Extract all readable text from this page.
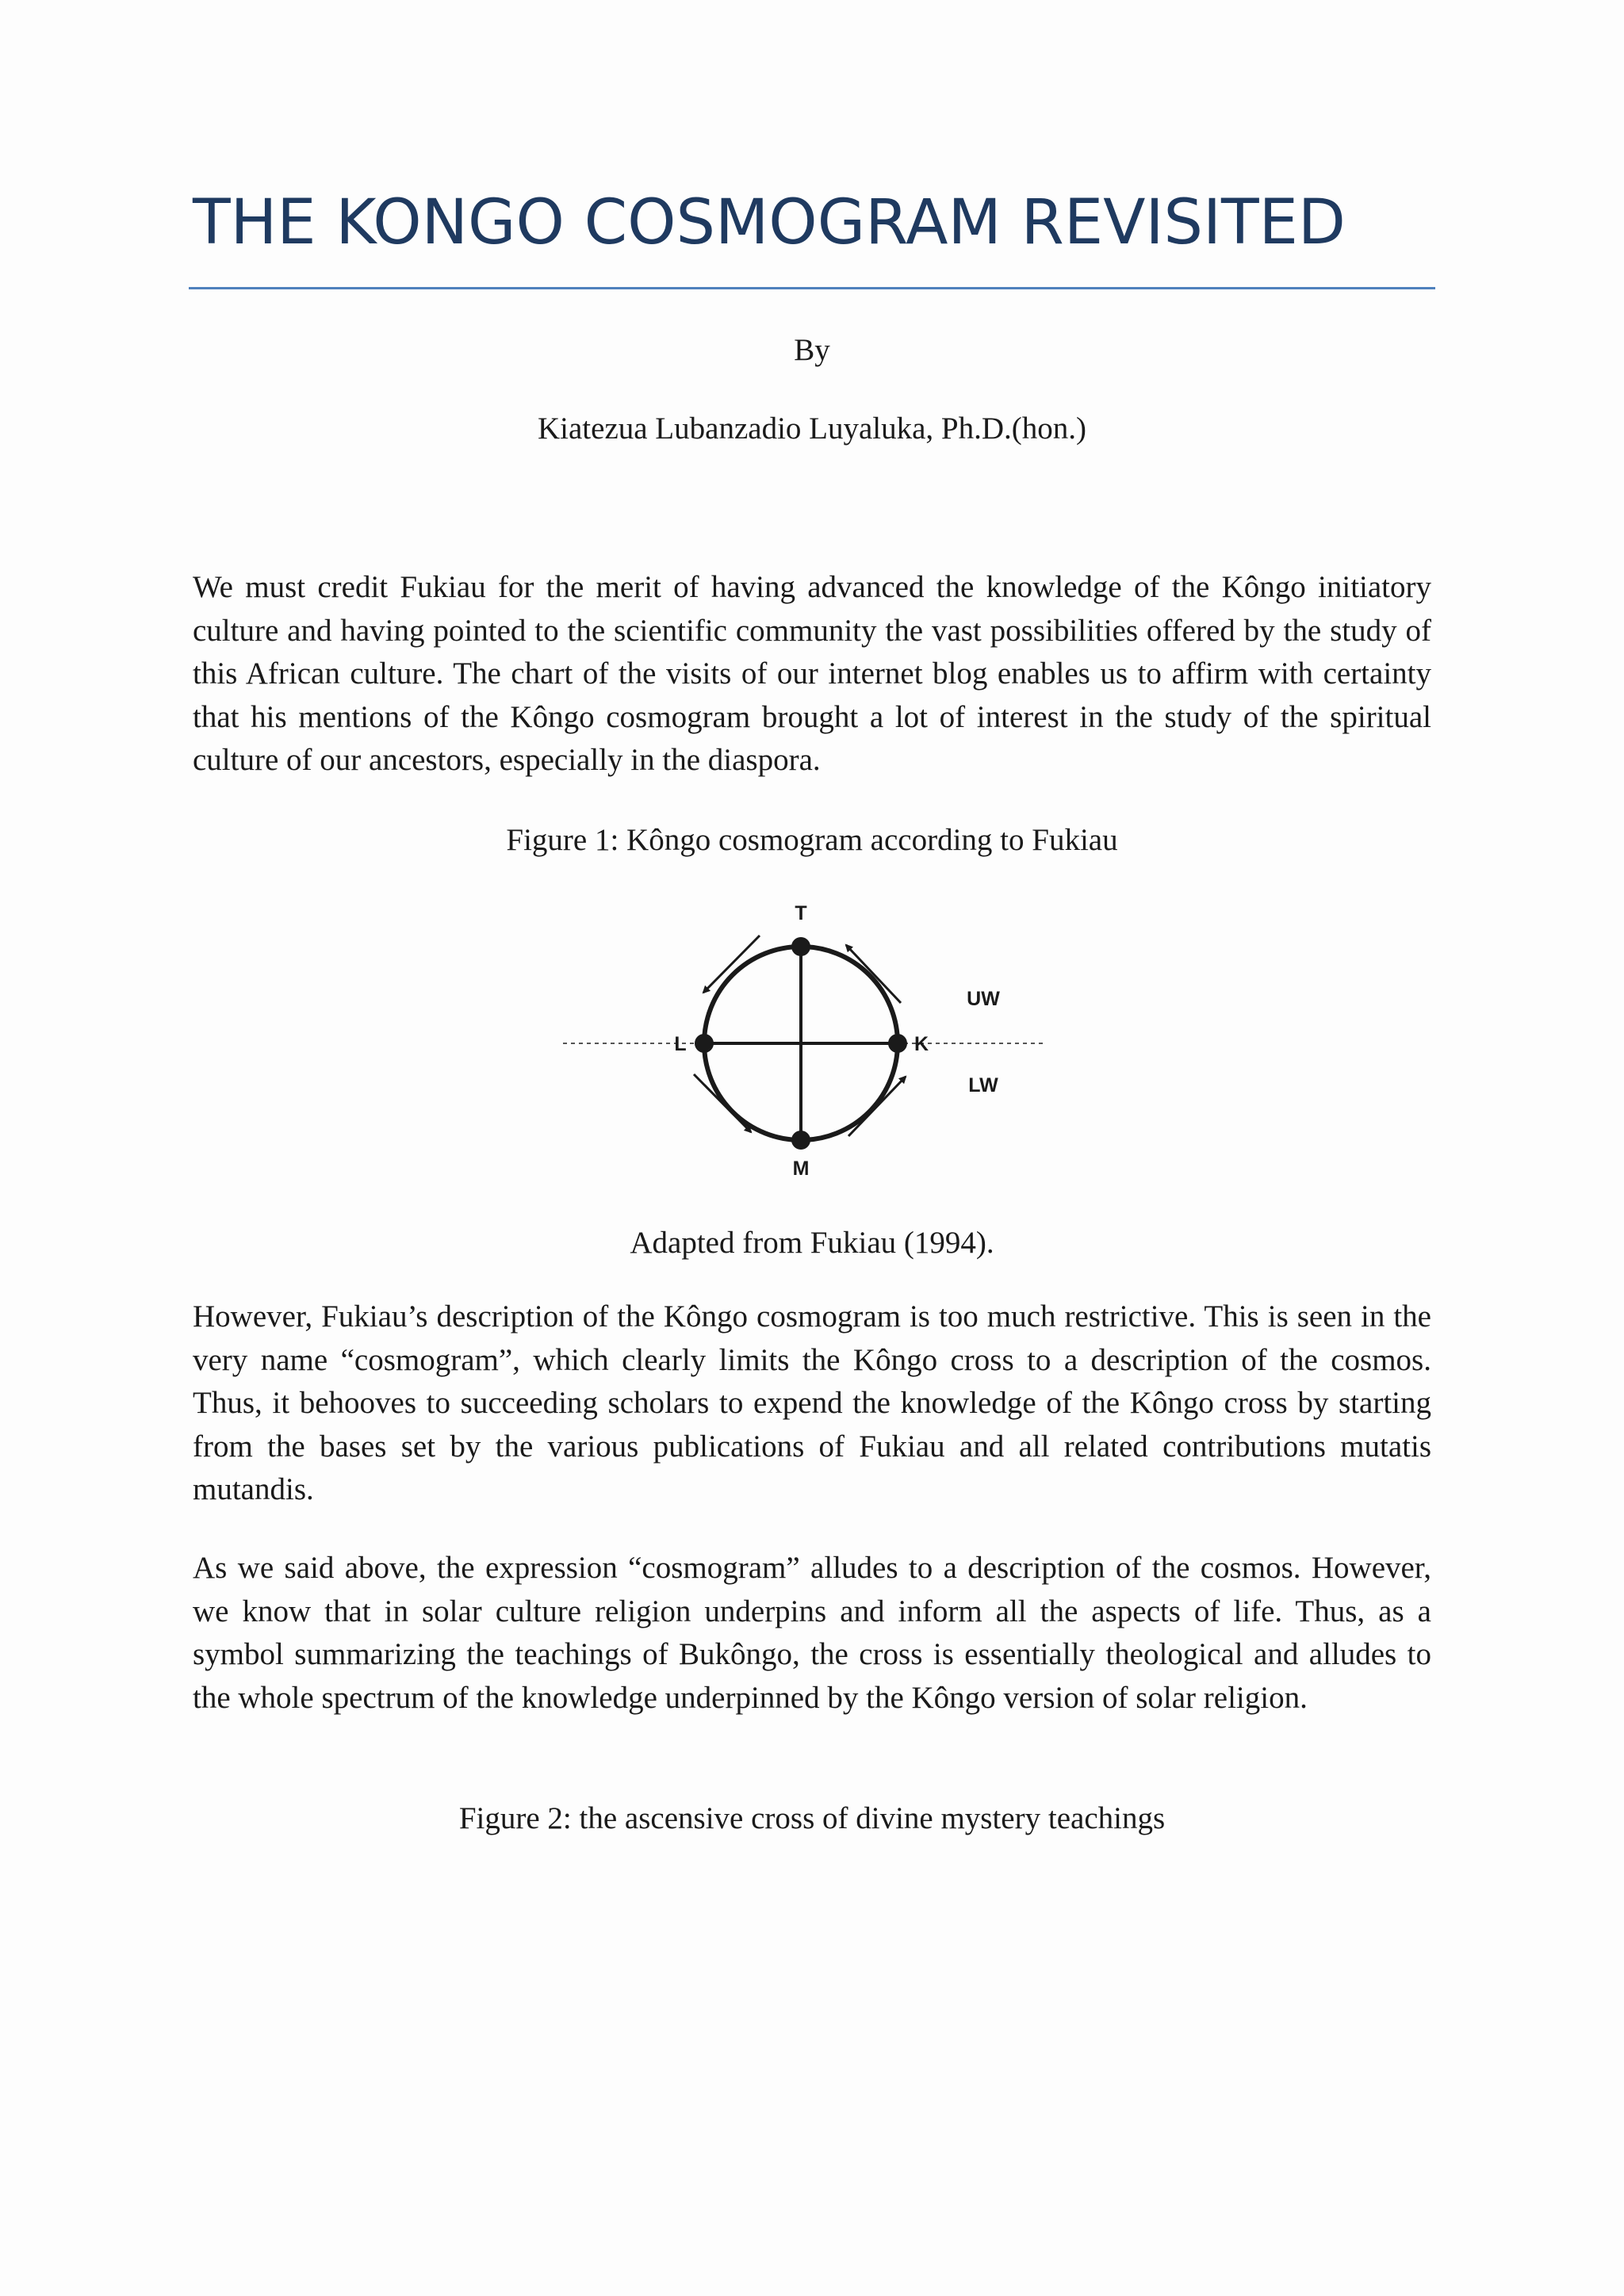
THE KONGO COSMOGRAM REVISITED

By

Kiatezua Lubanzadio Luyaluka, Ph.D.(hon.)

We must credit Fukiau for the merit of having advanced the knowledge of the Kôngo initiatory culture and having pointed to the scientific community the vast possibilities offered by the study of this African culture. The chart of the visits of our internet blog enables us to affirm with certainty that his mentions of the Kôngo cosmogram brought a lot of interest in the study of the spiritual culture of our ancestors, especially in the diaspora.

Figure 1: Kôngo cosmogram according to Fukiau

T
L	K
M
UW
LW

Adapted from Fukiau (1994).

However, Fukiau’s description of the Kôngo cosmogram is too much restrictive. This is seen in the very name “cosmogram”, which clearly limits the Kôngo cross to a description of the cosmos. Thus, it behooves to succeeding scholars to expend the knowledge of the Kôngo cross by starting from the bases set by the various publications of Fukiau and all related contributions mutatis mutandis.

As we said above, the expression “cosmogram” alludes to a description of the cosmos. However, we know that in solar culture religion underpins and inform all the aspects of life. Thus, as a symbol summarizing the teachings of Bukôngo, the cross is essentially theological and alludes to the whole spectrum of the knowledge underpinned by the Kôngo version of solar religion.

Figure 2: the ascensive cross of divine mystery teachings
